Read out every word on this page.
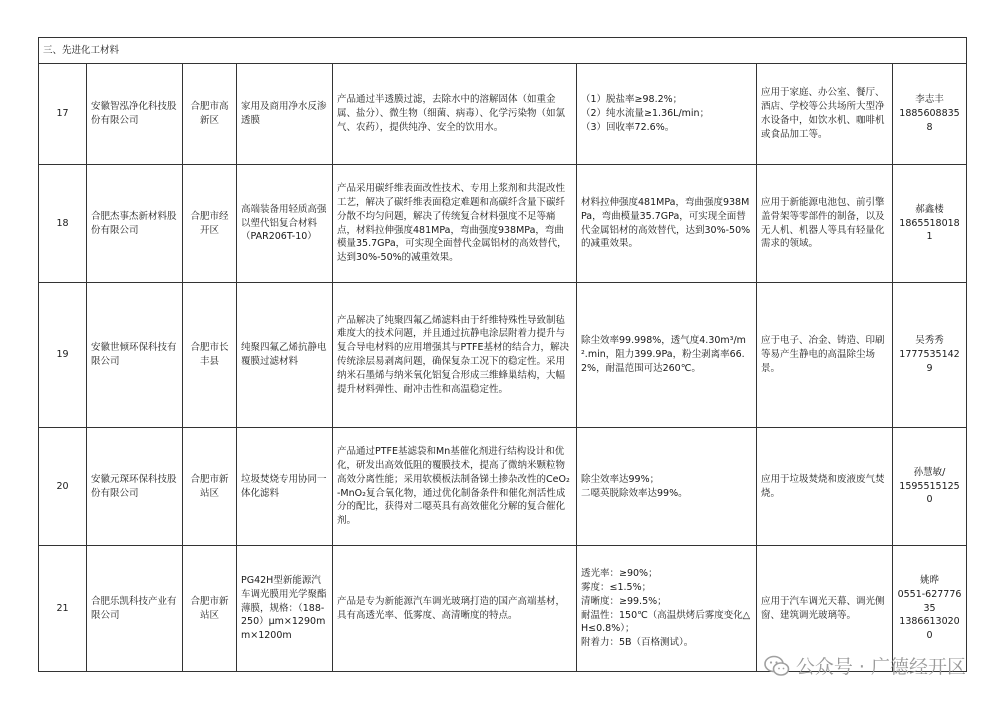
三、先进化工材料							
17	安徽智泓净化科技股份有限公司	合肥市高新区	家用及商用净水反渗透膜	产品通过半透膜过滤，去除水中的溶解固体（如重金属、盐分）、微生物（细菌、病毒）、化学污染物（如氯气、农药），提供纯净、安全的饮用水。	（1）脱盐率≥98.2%；
（2）纯水流量≥1.36L/min；
（3）回收率72.6%。	应用于家庭、办公室、餐厅、酒店、学校等公共场所大型净水设备中，如饮水机、咖啡机或食品加工等。	李志丰
18856088358

18	合肥杰事杰新材料股份有限公司	合肥市经开区	高端装备用轻质高强以塑代铝复合材料（PAR206T-10）	产品采用碳纤维表面改性技术、专用上浆剂和共混改性工艺，解决了碳纤维表面稳定难题和高碳纤含量下碳纤分散不均匀问题，解决了传统复合材料强度不足等痛点，材料拉伸强度481MPa，弯曲强度938MPa，弯曲模量35.7GPa，可实现全面替代金属铝材的高效替代，达到30%-50%的减重效果。	材料拉伸强度481MPa，弯曲强度938MPa，弯曲模量35.7GPa，可实现全面替代金属铝材的高效替代，达到30%-50%的减重效果。	应用于新能源电池包、前引擎盖骨架等零部件的制备，以及无人机、机器人等具有轻量化需求的领域。	郝鑫楼
18655180181

19	安徽世倾环保科技有限公司	合肥市长丰县	纯聚四氟乙烯抗静电覆膜过滤材料	产品解决了纯聚四氟乙烯滤料由于纤维特殊性导致制毡难度大的技术问题，并且通过抗静电涂层附着力提升与复合导电材料的应用增强其与PTFE基材的结合力，解决传统涂层易剥离问题，确保复杂工况下的稳定性。采用纳米石墨烯与纳米氧化铝复合形成三维蜂巢结构，大幅提升材料弹性、耐冲击性和高温稳定性。	除尘效率99.998%，透气度4.30m³/m².min，阻力399.9Pa，粉尘剥离率66.2%，耐温范围可达260℃。	应于电子、冶金、铸造、印刷等易产生静电的高温除尘场景。	吴秀秀
17775351429

20	安徽元琛环保科技股份有限公司	合肥市新站区	垃圾焚烧专用协同一体化滤料	产品通过PTFE基滤袋和Mn基催化剂进行结构设计和优化，研发出高效低阻的覆膜技术，提高了微纳米颗粒物高效分离性能；采用软模板法制备锑土掺杂改性的CeO₂-MnO₂复合氧化物，通过优化制备条件和催化剂活性成分的配比，获得对二噁英具有高效催化分解的复合催化剂。	除尘效率达99%；
二噁英脱除效率达99%。	应用于垃圾焚烧和废液废气焚烧。	孙慧敏/
15955151250

21	合肥乐凯科技产业有限公司	合肥市新站区	PG42H型新能源汽车调光膜用光学聚酯薄膜，规格：（188-250）μm×1290mm×1200m	产品是专为新能源汽车调光玻璃打造的国产高端基材，具有高透光率、低雾度、高清晰度的特点。	透光率：≥90%；
雾度：≤1.5%；
清晰度：≥99.5%；
耐温性：150℃（高温烘烤后雾度变化△H≤0.8%）；
附着力：5B（百格测试）。	应用于汽车调光天幕、调光侧窗、建筑调光玻璃等。	姚晔
0551-62777635
13866130200
公众号 · 广德经开区
